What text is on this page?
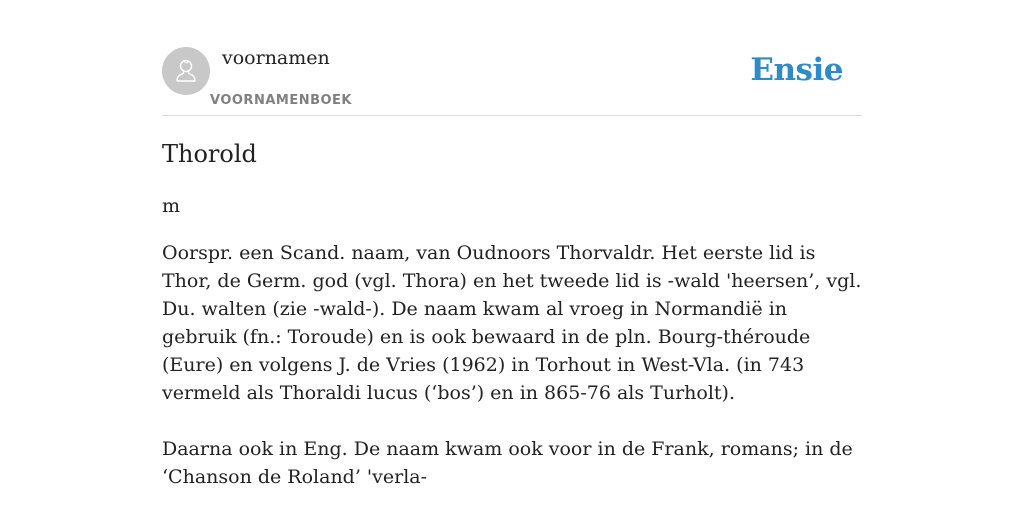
voornamen
VOORNAMENBOEK
Ensie
Thorold
m

Oorspr. een Scand. naam, van Oudnoors Thorvaldr. Het eerste lid is Thor, de Germ. god (vgl. Thora) en het tweede lid is -wald 'heersen’, vgl. Du. walten (zie -wald-). De naam kwam al vroeg in Normandië in gebruik (fn.: Toroude) en is ook bewaard in de pln. Bourg-théroude (Eure) en volgens J. de Vries (1962) in Torhout in West-Vla. (in 743 vermeld als Thoraldi lucus (‘bos’) en in 865-76 als Turholt).

Daarna ook in Eng. De naam kwam ook voor in de Frank, romans; in de ‘Chanson de Roland’ 'verla-
